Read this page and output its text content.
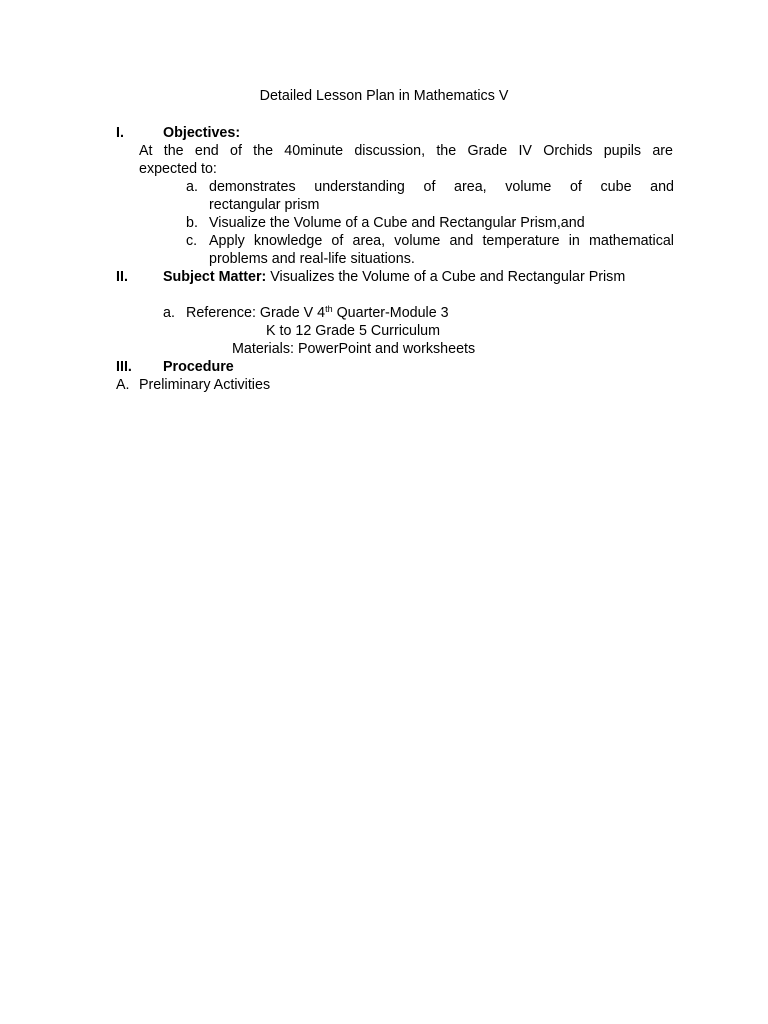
Detailed Lesson Plan in Mathematics V
I.	Objectives:
At the end of the 40minute discussion, the Grade IV Orchids pupils are
expected to:
a. demonstrates understanding of area, volume of cube and
rectangular prism
b. Visualize the Volume of a Cube and Rectangular Prism,and
c. Apply knowledge of area, volume and temperature in mathematical
problems and real-life situations.
II. Subject Matter: Visualizes the Volume of a Cube and Rectangular Prism
a. Reference: Grade V 4th Quarter-Module 3
K to 12 Grade 5 Curriculum
Materials: PowerPoint and worksheets
III. Procedure
A. Preliminary Activities
